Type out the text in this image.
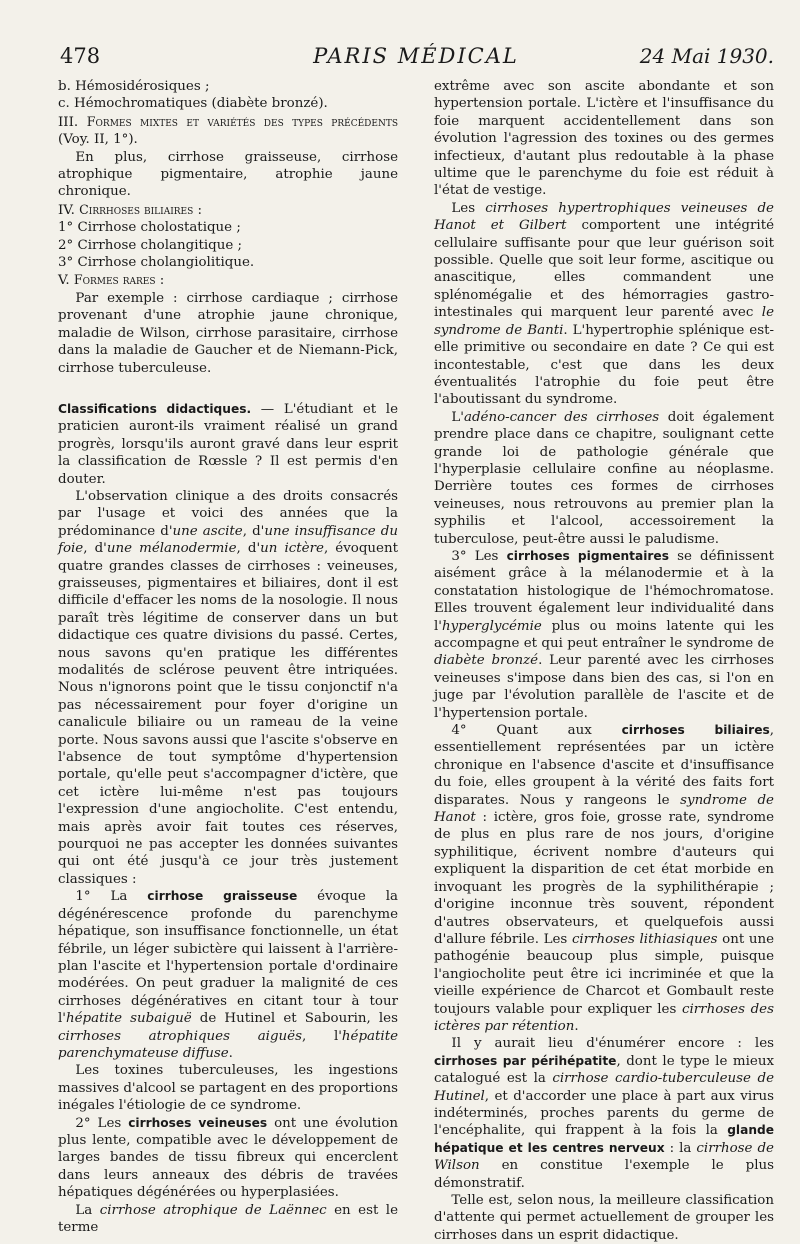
478	PARIS MÉDICAL	24 Mai 1930.

b. Hémosidérosiques ;

c. Hémochromatiques (diabète bronzé).

III. Formes mixtes et variétés des types précédents (Voy. II, 1°).

En plus, cirrhose graisseuse, cirrhose atrophique pigmentaire, atrophie jaune chronique.

IV. Cirrhoses biliaires :

1° Cirrhose cholostatique ;

2° Cirrhose cholangitique ;

3° Cirrhose cholangiolitique.

V. Formes rares :

Par exemple : cirrhose cardiaque ; cirrhose provenant d'une atrophie jaune chronique, maladie de Wilson, cirrhose parasitaire, cirrhose dans la maladie de Gaucher et de Niemann-Pick, cirrhose tuberculeuse.

Classifications didactiques. — L'étudiant et le praticien auront-ils vraiment réalisé un grand progrès, lorsqu'ils auront gravé dans leur esprit la classification de Rœssle ? Il est permis d'en douter.

L'observation clinique a des droits consacrés par l'usage et voici des années que la prédominance d'une ascite, d'une insuffisance du foie, d'une mélanodermie, d'un ictère, évoquent quatre grandes classes de cirrhoses : veineuses, graisseuses, pigmentaires et biliaires, dont il est difficile d'effacer les noms de la nosologie. Il nous paraît très légitime de conserver dans un but didactique ces quatre divisions du passé. Certes, nous savons qu'en pratique les différentes modalités de sclérose peuvent être intriquées. Nous n'ignorons point que le tissu conjonctif n'a pas nécessairement pour foyer d'origine un canalicule biliaire ou un rameau de la veine porte. Nous savons aussi que l'ascite s'observe en l'absence de tout symptôme d'hypertension portale, qu'elle peut s'accompagner d'ictère, que cet ictère lui-même n'est pas toujours l'expression d'une angiocholite. C'est entendu, mais après avoir fait toutes ces réserves, pourquoi ne pas accepter les données suivantes qui ont été jusqu'à ce jour très justement classiques :

1° La cirrhose graisseuse évoque la dégénérescence profonde du parenchyme hépatique, son insuffisance fonctionnelle, un état fébrile, un léger subictère qui laissent à l'arrière-plan l'ascite et l'hypertension portale d'ordinaire modérées. On peut graduer la malignité de ces cirrhoses dégénératives en citant tour à tour l'hépatite subaiguë de Hutinel et Sabourin, les cirrhoses atrophiques aiguës, l'hépatite parenchymateuse diffuse.

Les toxines tuberculeuses, les ingestions massives d'alcool se partagent en des proportions inégales l'étiologie de ce syndrome.

2° Les cirrhoses veineuses ont une évolution plus lente, compatible avec le développement de larges bandes de tissu fibreux qui encerclent dans leurs anneaux des débris de travées hépatiques dégénérées ou hyperplasiées.

La cirrhose atrophique de Laënnec en est le terme

extrême avec son ascite abondante et son hypertension portale. L'ictère et l'insuffisance du foie marquent accidentellement dans son évolution l'agression des toxines ou des germes infectieux, d'autant plus redoutable à la phase ultime que le parenchyme du foie est réduit à l'état de vestige.

Les cirrhoses hypertrophiques veineuses de Hanot et Gilbert comportent une intégrité cellulaire suffisante pour que leur guérison soit possible. Quelle que soit leur forme, ascitique ou anascitique, elles commandent une splénomégalie et des hémorragies gastro-intestinales qui marquent leur parenté avec le syndrome de Banti. L'hypertrophie splénique est-elle primitive ou secondaire en date ? Ce qui est incontestable, c'est que dans les deux éventualités l'atrophie du foie peut être l'aboutissant du syndrome.

L'adéno-cancer des cirrhoses doit également prendre place dans ce chapitre, soulignant cette grande loi de pathologie générale que l'hyperplasie cellulaire confine au néoplasme. Derrière toutes ces formes de cirrhoses veineuses, nous retrouvons au premier plan la syphilis et l'alcool, accessoirement la tuberculose, peut-être aussi le paludisme.

3° Les cirrhoses pigmentaires se définissent aisément grâce à la mélanodermie et à la constatation histologique de l'hémochromatose. Elles trouvent également leur individualité dans l'hyperglycémie plus ou moins latente qui les accompagne et qui peut entraîner le syndrome de diabète bronzé. Leur parenté avec les cirrhoses veineuses s'impose dans bien des cas, si l'on en juge par l'évolution parallèle de l'ascite et de l'hypertension portale.

4° Quant aux cirrhoses biliaires, essentiellement représentées par un ictère chronique en l'absence d'ascite et d'insuffisance du foie, elles groupent à la vérité des faits fort disparates. Nous y rangeons le syndrome de Hanot : ictère, gros foie, grosse rate, syndrome de plus en plus rare de nos jours, d'origine syphilitique, écrivent nombre d'auteurs qui expliquent la disparition de cet état morbide en invoquant les progrès de la syphilithérapie ; d'origine inconnue très souvent, répondent d'autres observateurs, et quelquefois aussi d'allure fébrile. Les cirrhoses lithiasiques ont une pathogénie beaucoup plus simple, puisque l'angiocholite peut être ici incriminée et que la vieille expérience de Charcot et Gombault reste toujours valable pour expliquer les cirrhoses des ictères par rétention.

Il y aurait lieu d'énumérer encore : les cirrhoses par périhépatite, dont le type le mieux catalogué est la cirrhose cardio-tuberculeuse de Hutinel, et d'accorder une place à part aux virus indéterminés, proches parents du germe de l'encéphalite, qui frappent à la fois la glande hépatique et les centres nerveux : la cirrhose de Wilson en constitue l'exemple le plus démonstratif.

Telle est, selon nous, la meilleure classification d'attente qui permet actuellement de grouper les cirrhoses dans un esprit didactique.
